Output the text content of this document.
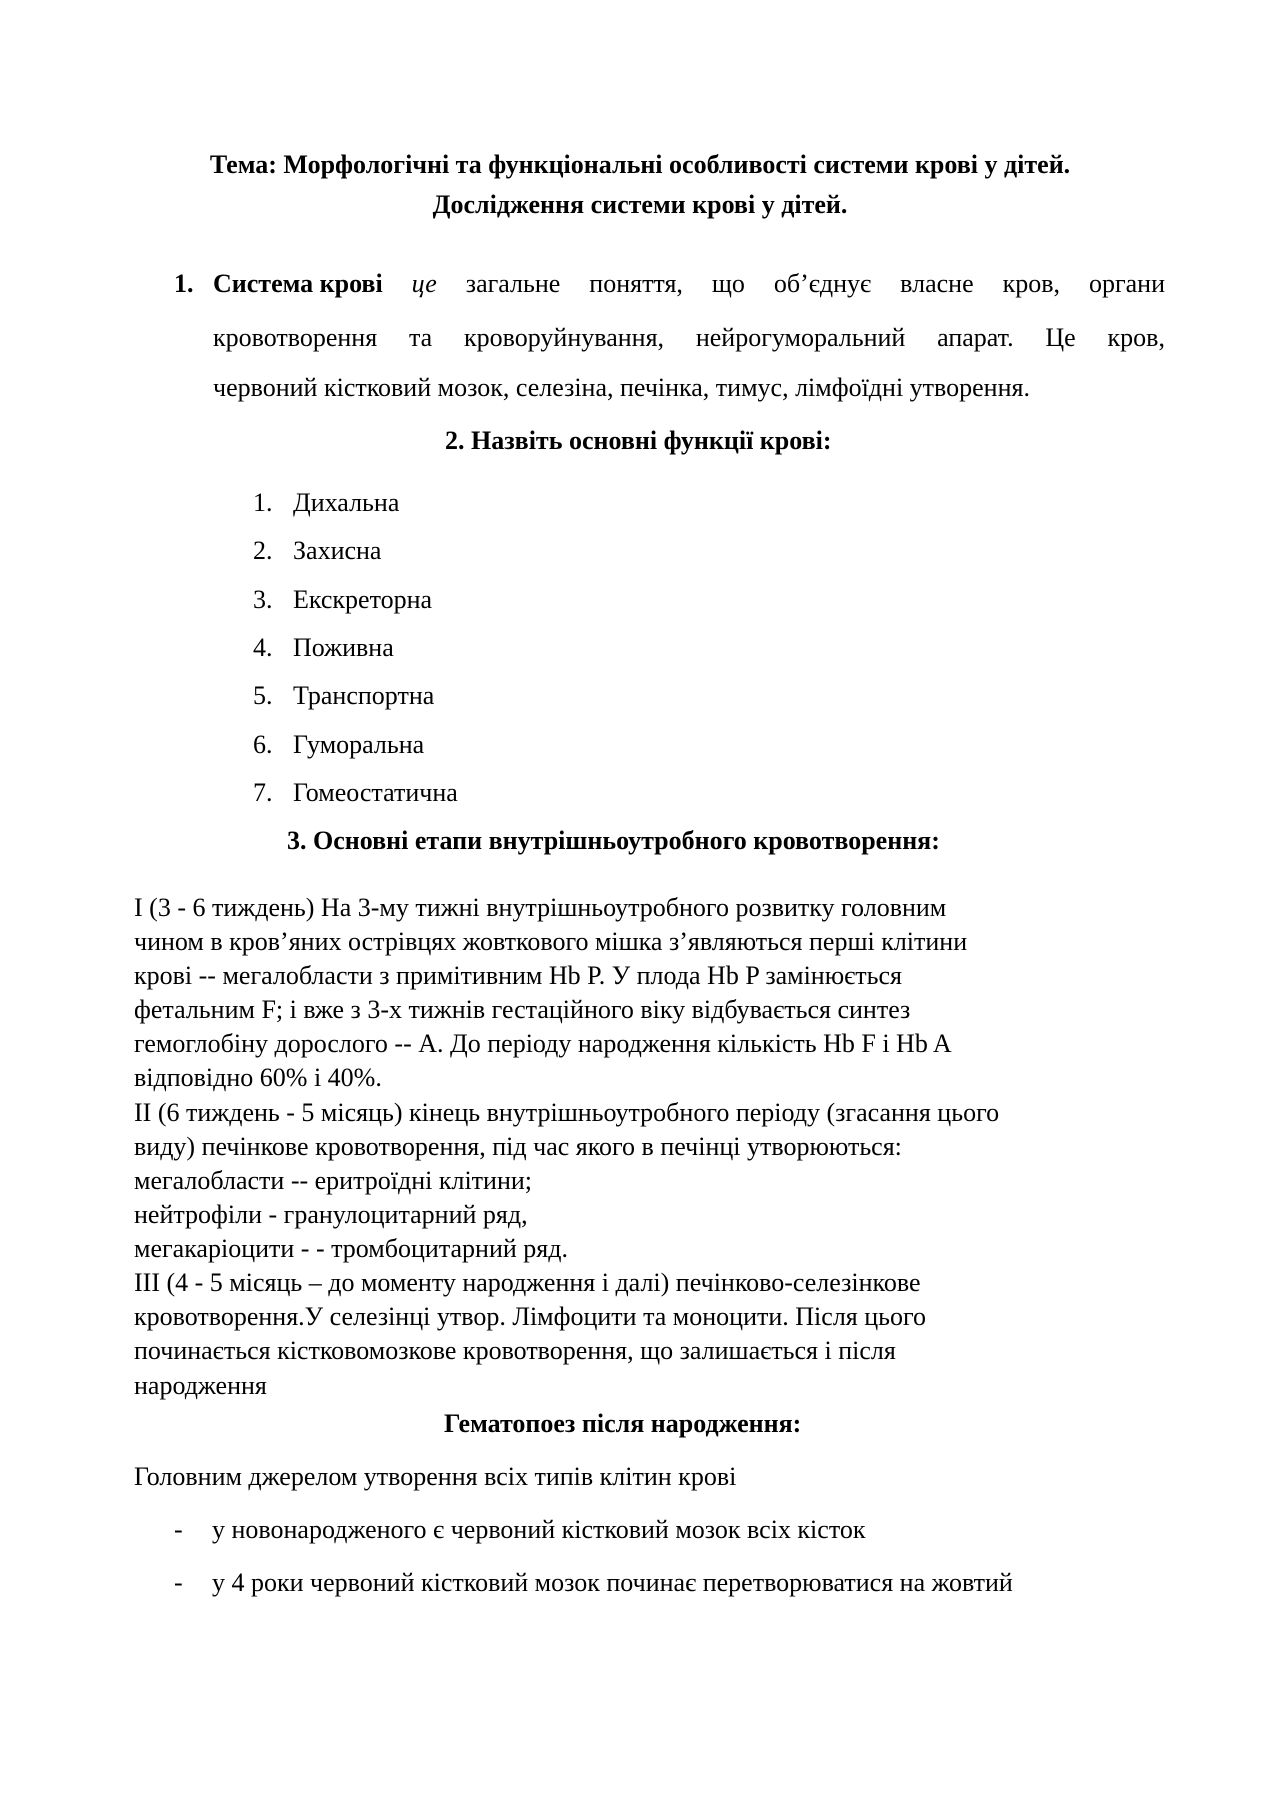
Тема: Морфологічні та функціональні особливості системи крові у дітей.
Дослідження системи крові у дітей.
1. Система крові це загальне поняття, що об’єднує власне кров, органи
кровотворення та кроворуйнування, нейрогуморальний апарат. Це кров,
червоний кістковий мозок, селезіна, печінка, тимус, лімфоїдні утворення.
2. Назвіть основні функції крові:
1. Дихальна
2. Захисна
3. Екскреторна
4. Поживна
5. Транспортна
6. Гуморальна
7. Гомеостатична
3. Основні етапи внутрішньоутробного кровотворення:
I (3 - 6 тиждень) На 3-му тижні внутрішньоутробного розвитку головним
чином в кров’яних острівцях жовткового мішка з’являються перші клітини
крові -- мегалобласти з примітивним Hb P. У плода Hb P замінюється
фетальним F; і вже з 3-х тижнів гестаційного віку відбувається синтез
гемоглобіну дорослого -- A. До періоду народження кількість Hb F і Hb A
відповідно 60% і 40%.
II (6 тиждень - 5 місяць) кінець внутрішньоутробного періоду (згасання цього
виду) печінкове кровотворення, під час якого в печінці утворюються:
мегалобласти -- еритроїдні клітини;
нейтрофіли - гранулоцитарний ряд,
мегакаріоцити - - тромбоцитарний ряд.
III (4 - 5 місяць – до моменту народження і далі) печінково-селезінкове
кровотворення.У селезінці утвор. Лімфоцити та моноцити. Після цього
починається кістковомозкове кровотворення, що залишається і після
народження
Гематопоез після народження:
Головним джерелом утворення всіх типів клітин крові
- у новонародженого є червоний кістковий мозок всіх кісток
- у 4 роки червоний кістковий мозок починає перетворюватися на жовтий
